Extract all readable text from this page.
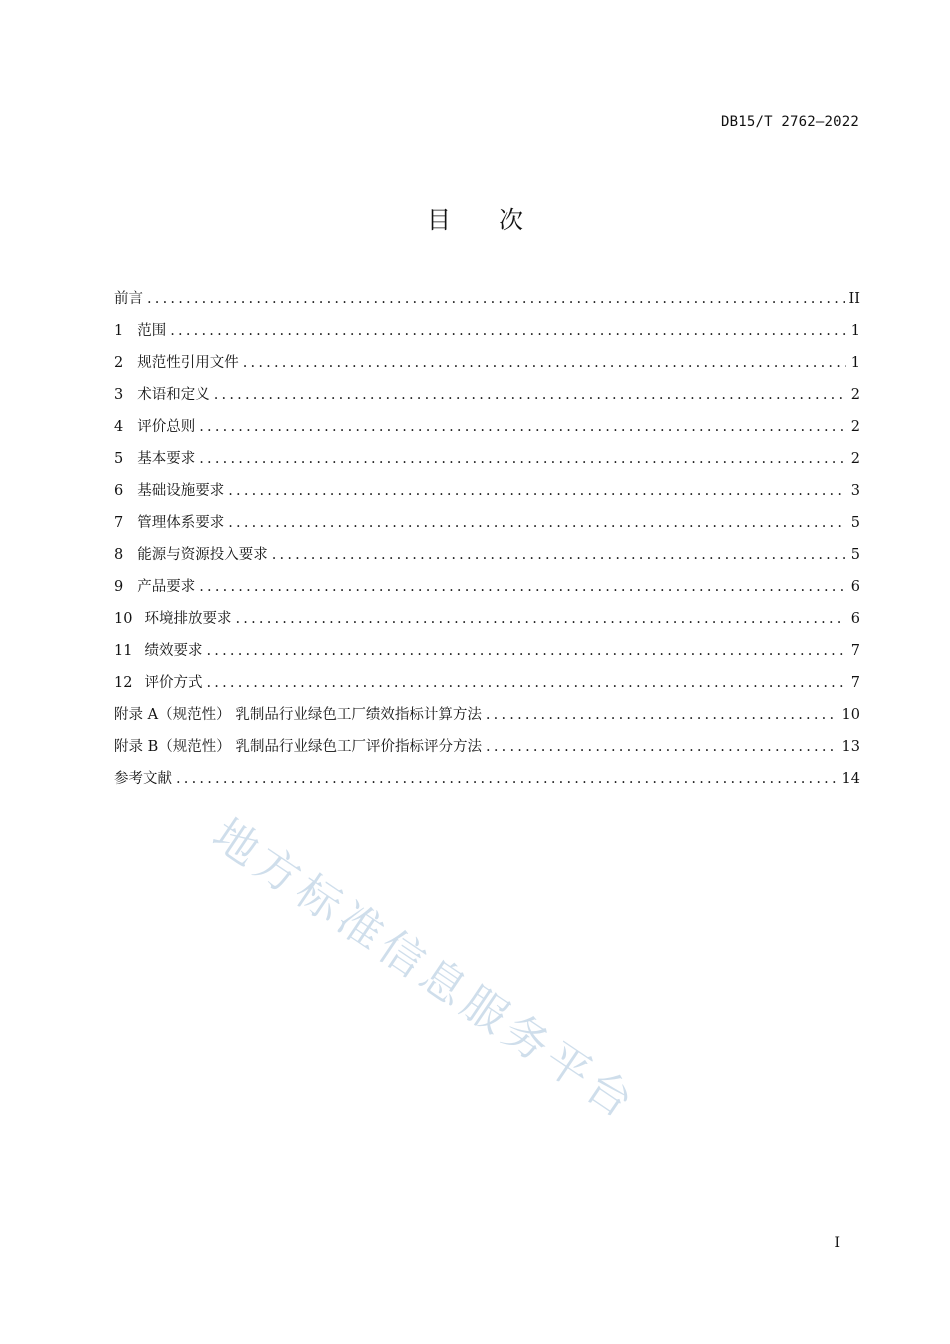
DB15/T 2762—2022
目 次
前言 .....	II
1 范围 .....	1
2 规范性引用文件 .....	1
3 术语和定义 .....	2
4 评价总则 .....	2
5 基本要求 .....	2
6 基础设施要求 .....	3
7 管理体系要求 .....	5
8 能源与资源投入要求 .....	5
9 产品要求 .....	6
10 环境排放要求 .....	6
11 绩效要求 .....	7
12 评价方式 .....	7
附录 A（规范性） 乳制品行业绿色工厂绩效指标计算方法 .....	10
附录 B（规范性） 乳制品行业绿色工厂评价指标评分方法 .....	13
参考文献 .....	14
地方标准信息服务平台
I
